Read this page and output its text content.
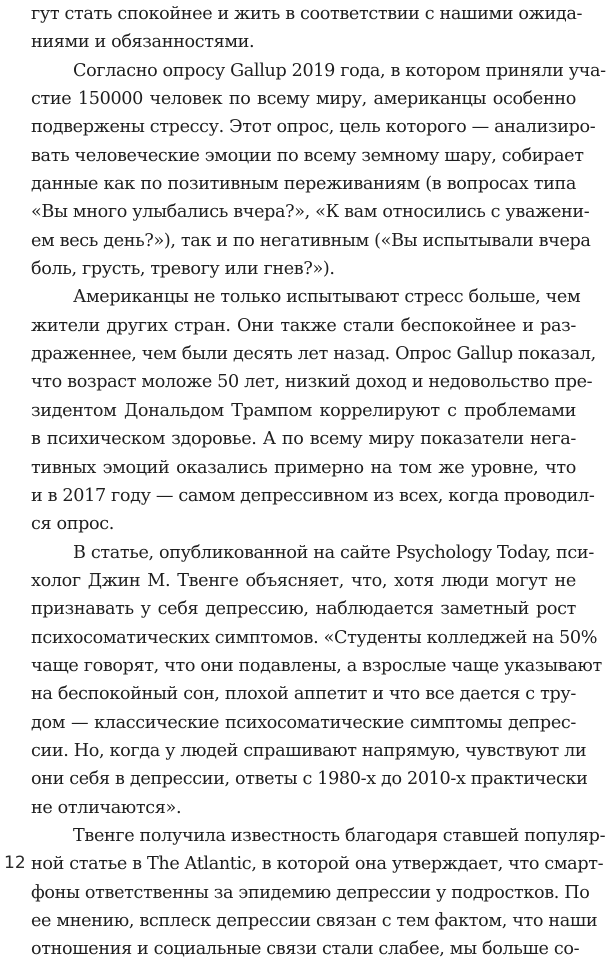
гут стать спокойнее и жить в соответствии с нашими ожида-
ниями и обязанностями.
Согласно опросу Gallup 2019 года, в котором приняли уча-
стие 150000 человек по всему миру, американцы особенно
подвержены стрессу. Этот опрос, цель которого — анализиро-
вать человеческие эмоции по всему земному шару, собирает
данные как по позитивным переживаниям (в вопросах типа
«Вы много улыбались вчера?», «К вам относились с уважени-
ем весь день?»), так и по негативным («Вы испытывали вчера
боль, грусть, тревогу или гнев?»).
Американцы не только испытывают стресс больше, чем
жители других стран. Они также стали беспокойнее и раз-
драженнее, чем были десять лет назад. Опрос Gallup показал,
что возраст моложе 50 лет, низкий доход и недовольство пре-
зидентом Дональдом Трампом коррелируют с проблемами
в психическом здоровье. А по всему миру показатели нега-
тивных эмоций оказались примерно на том же уровне, что
и в 2017 году — самом депрессивном из всех, когда проводил-
ся опрос.
В статье, опубликованной на сайте Psychology Today, пси-
холог Джин М. Твенге объясняет, что, хотя люди могут не
признавать у себя депрессию, наблюдается заметный рост
психосоматических симптомов. «Студенты колледжей на 50%
чаще говорят, что они подавлены, а взрослые чаще указывают
на беспокойный сон, плохой аппетит и что все дается с тру-
дом — классические психосоматические симптомы депрес-
сии. Но, когда у людей спрашивают напрямую, чувствуют ли
они себя в депрессии, ответы с 1980-х до 2010-х практически
не отличаются».
Твенге получила известность благодаря ставшей популяр-
ной статье в The Atlantic, в которой она утверждает, что смарт-
фоны ответственны за эпидемию депрессии у подростков. По
ее мнению, всплеск депрессии связан с тем фактом, что наши
отношения и социальные связи стали слабее, мы больше со-
12
